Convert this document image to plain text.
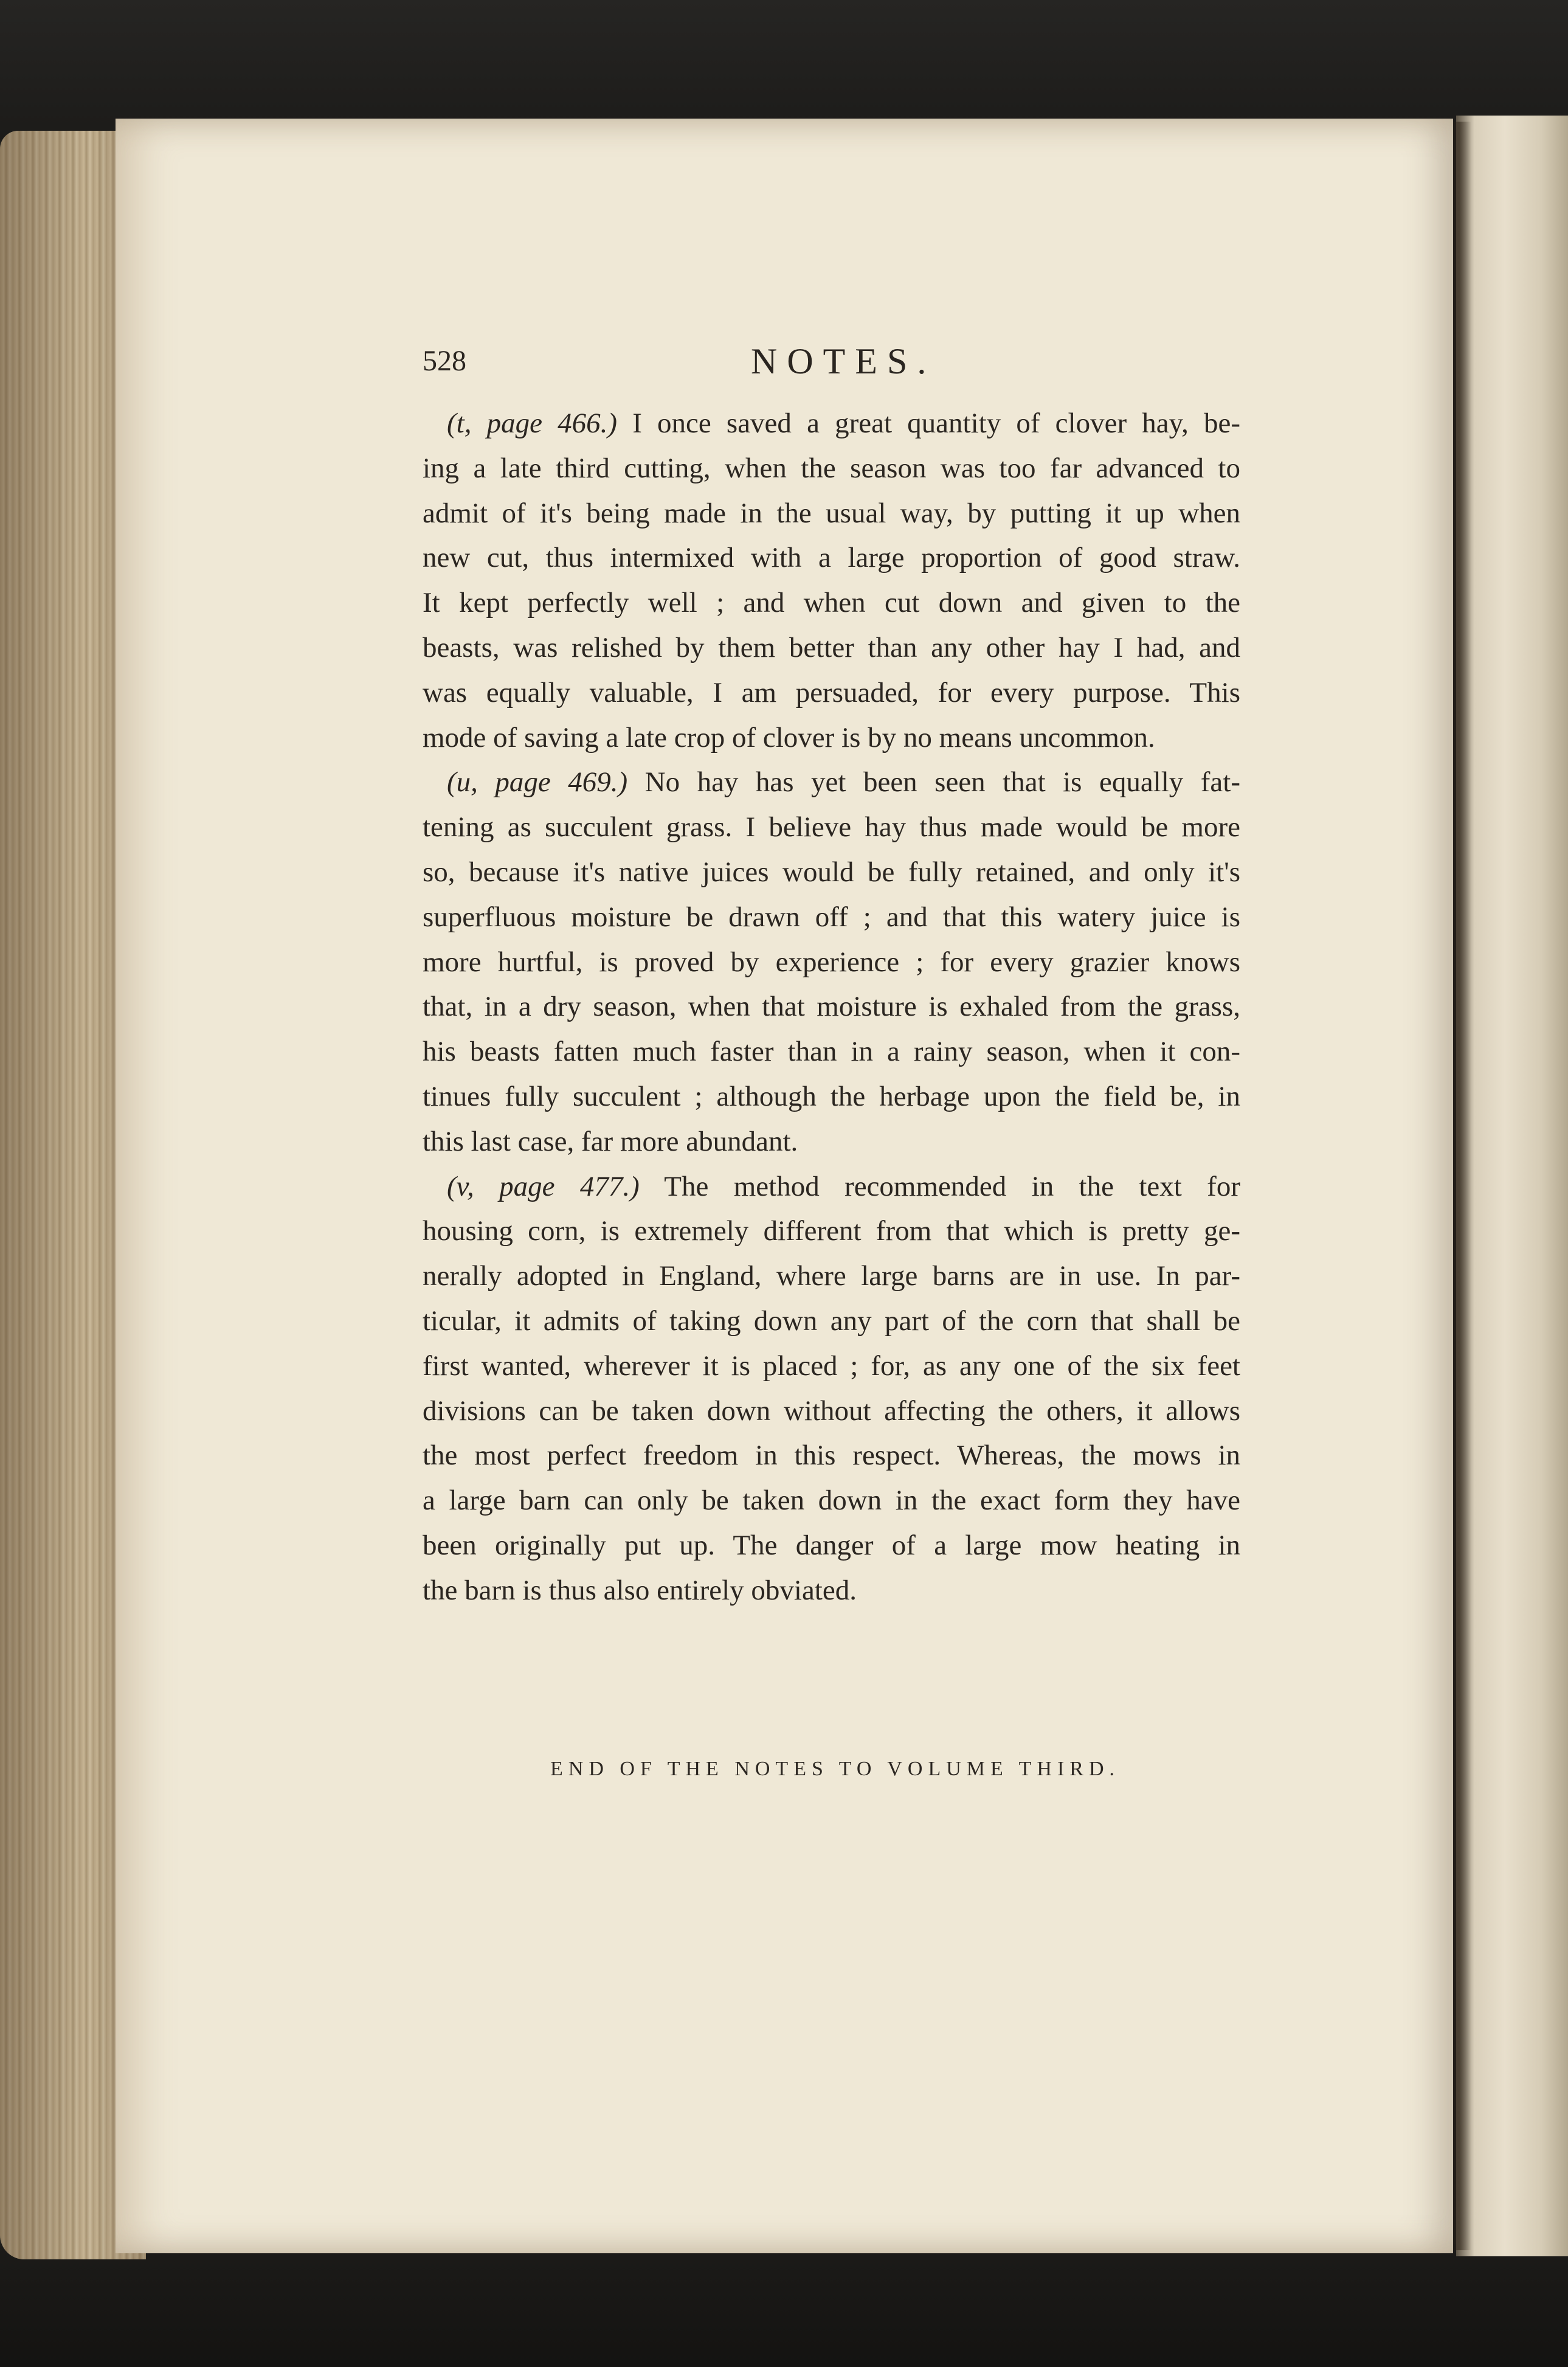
528	NOTES.
(t, page 466.) I once saved a great quantity of clover hay, be-
ing a late third cutting, when the season was too far advanced to
admit of it's being made in the usual way, by putting it up when
new cut, thus intermixed with a large proportion of good straw.
It kept perfectly well ; and when cut down and given to the
beasts, was relished by them better than any other hay I had, and
was equally valuable, I am persuaded, for every purpose. This
mode of saving a late crop of clover is by no means uncommon.
(u, page 469.) No hay has yet been seen that is equally fat-
tening as succulent grass. I believe hay thus made would be more
so, because it's native juices would be fully retained, and only it's
superfluous moisture be drawn off ; and that this watery juice is
more hurtful, is proved by experience ; for every grazier knows
that, in a dry season, when that moisture is exhaled from the grass,
his beasts fatten much faster than in a rainy season, when it con-
tinues fully succulent ; although the herbage upon the field be, in
this last case, far more abundant.
(v, page 477.) The method recommended in the text for
housing corn, is extremely different from that which is pretty ge-
nerally adopted in England, where large barns are in use. In par-
ticular, it admits of taking down any part of the corn that shall be
first wanted, wherever it is placed ; for, as any one of the six feet
divisions can be taken down without affecting the others, it allows
the most perfect freedom in this respect. Whereas, the mows in
a large barn can only be taken down in the exact form they have
been originally put up. The danger of a large mow heating in
the barn is thus also entirely obviated.
END OF THE NOTES TO VOLUME THIRD.
